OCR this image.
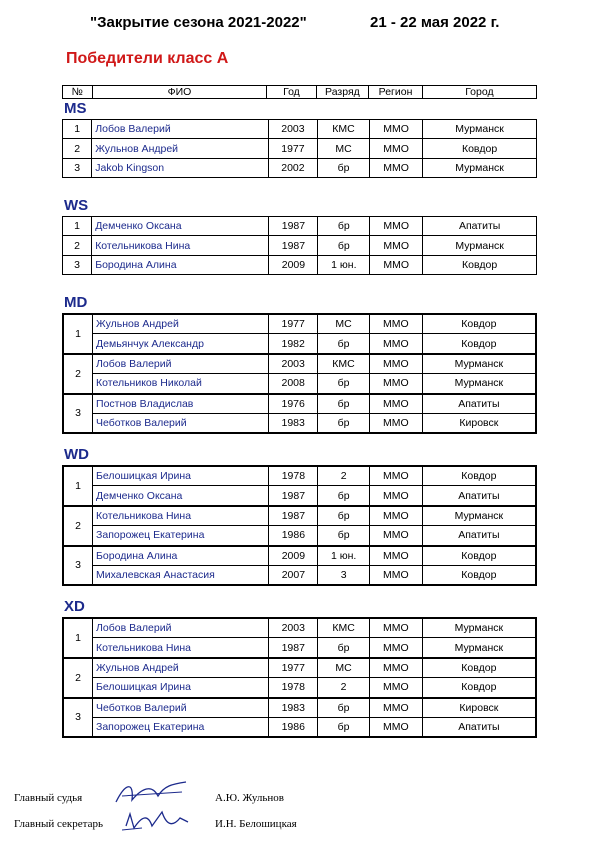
"Закрытие сезона 2021-2022"	21 - 22 мая 2022 г.
Победители класс А
№	ФИО	Год	Разряд	Регион	Город
MS
WS
MD
WD
XD
1	Лобов Валерий	2003	КМС	ММО	Мурманск
2	Жульнов Андрей	1977	МС	ММО	Ковдор
3	Jakob Kingson	2002	бр	ММО	Мурманск
1	Демченко Оксана	1987	бр	ММО	Апатиты
2	Котельникова Нина	1987	бр	ММО	Мурманск
3	Бородина Алина	2009	1 юн.	ММО	Ковдор
1	Жульнов Андрей	1977	МС	ММО	Ковдор
	Демьянчук Александр	1982	бр	ММО	Ковдор
2	Лобов Валерий	2003	КМС	ММО	Мурманск
	Котельников Николай	2008	бр	ММО	Мурманск
3	Постнов Владислав	1976	бр	ММО	Апатиты
	Чеботков Валерий	1983	бр	ММО	Кировск
1	Белошицкая Ирина	1978	2	ММО	Ковдор
	Демченко Оксана	1987	бр	ММО	Апатиты
2	Котельникова Нина	1987	бр	ММО	Мурманск
	Запорожец Екатерина	1986	бр	ММО	Апатиты
3	Бородина Алина	2009	1 юн.	ММО	Ковдор
	Михалевская Анастасия	2007	3	ММО	Ковдор
1	Лобов Валерий	2003	КМС	ММО	Мурманск
	Котельникова Нина	1987	бр	ММО	Мурманск
2	Жульнов Андрей	1977	МС	ММО	Ковдор
	Белошицкая Ирина	1978	2	ММО	Ковдор
3	Чеботков Валерий	1983	бр	ММО	Кировск
	Запорожец Екатерина	1986	бр	ММО	Апатиты
Главный судья	А.Ю. Жульнов
Главный секретарь	И.Н. Белошицкая
